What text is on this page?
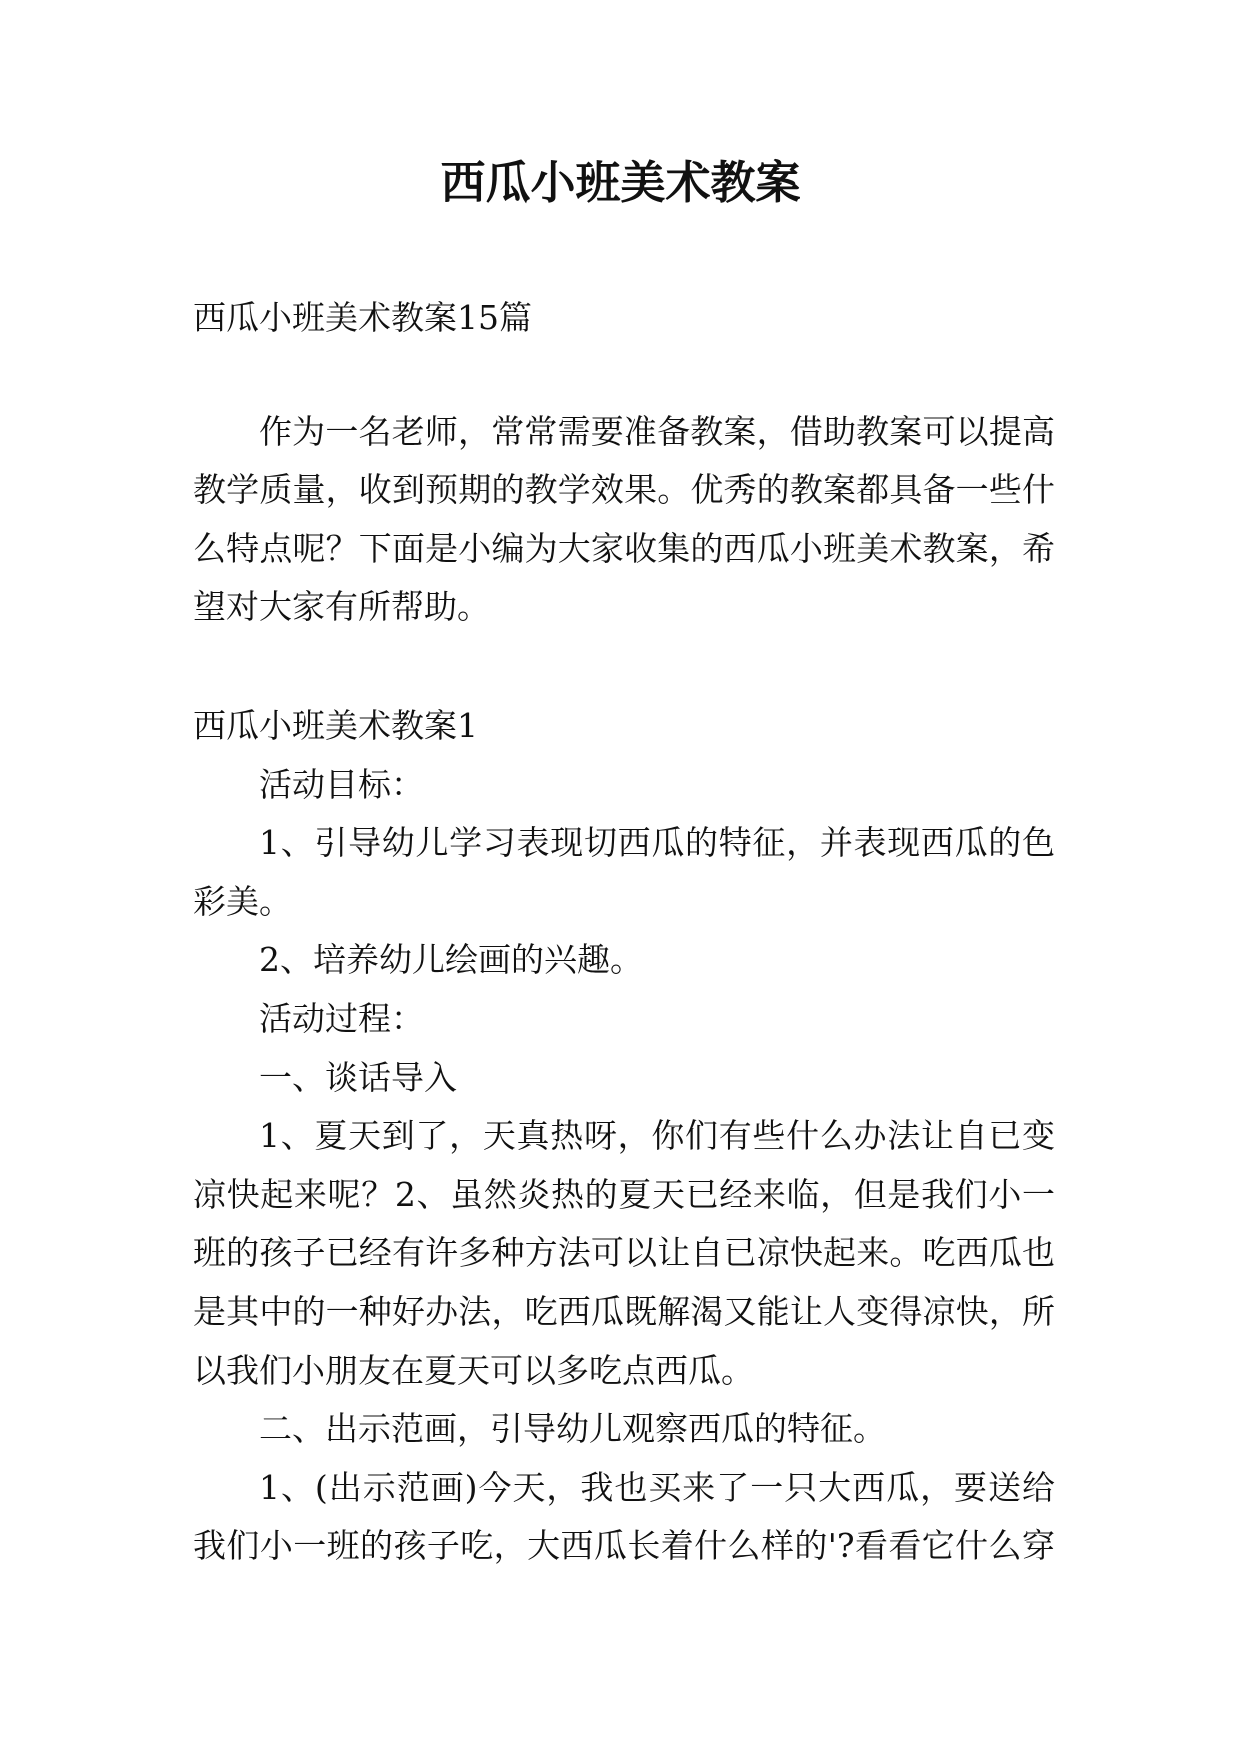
西瓜小班美术教案
西瓜小班美术教案15篇
作为一名老师，常常需要准备教案，借助教案可以提高
教学质量，收到预期的教学效果。优秀的教案都具备一些什
么特点呢？下面是小编为大家收集的西瓜小班美术教案，希
望对大家有所帮助。
西瓜小班美术教案1
活动目标：
1、引导幼儿学习表现切西瓜的特征，并表现西瓜的色
彩美。
2、培养幼儿绘画的兴趣。
活动过程：
一、谈话导入
1、夏天到了，天真热呀，你们有些什么办法让自已变
凉快起来呢？2、虽然炎热的夏天已经来临，但是我们小一
班的孩子已经有许多种方法可以让自已凉快起来。吃西瓜也
是其中的一种好办法，吃西瓜既解渴又能让人变得凉快，所
以我们小朋友在夏天可以多吃点西瓜。
二、出示范画，引导幼儿观察西瓜的特征。
1、(出示范画)今天，我也买来了一只大西瓜，要送给
我们小一班的孩子吃，大西瓜长着什么样的'?看看它什么穿
